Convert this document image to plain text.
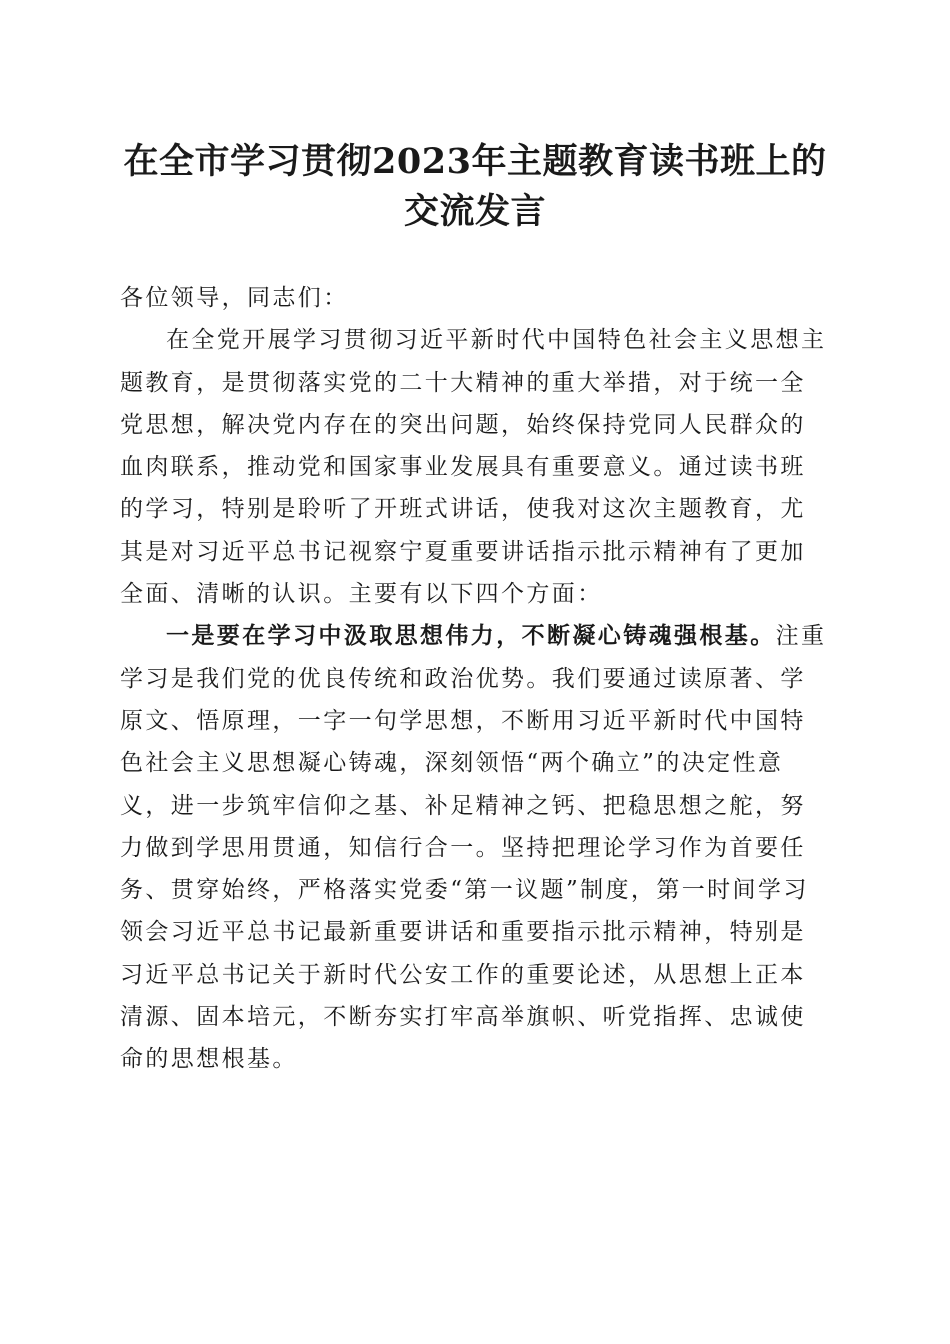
在全市学习贯彻2023年主题教育读书班上的
交流发言

各位领导，同志们：

在全党开展学习贯彻习近平新时代中国特色社会主义思想主题教育，是贯彻落实党的二十大精神的重大举措，对于统一全党思想，解决党内存在的突出问题，始终保持党同人民群众的血肉联系，推动党和国家事业发展具有重要意义。通过读书班的学习，特别是聆听了开班式讲话，使我对这次主题教育，尤其是对习近平总书记视察宁夏重要讲话指示批示精神有了更加全面、清晰的认识。主要有以下四个方面：

一是要在学习中汲取思想伟力，不断凝心铸魂强根基。注重学习是我们党的优良传统和政治优势。我们要通过读原著、学原文、悟原理，一字一句学思想，不断用习近平新时代中国特色社会主义思想凝心铸魂，深刻领悟“两个确立”的决定性意义，进一步筑牢信仰之基、补足精神之钙、把稳思想之舵，努力做到学思用贯通，知信行合一。坚持把理论学习作为首要任务、贯穿始终，严格落实党委“第一议题”制度，第一时间学习领会习近平总书记最新重要讲话和重要指示批示精神，特别是习近平总书记关于新时代公安工作的重要论述，从思想上正本清源、固本培元，不断夯实打牢高举旗帜、听党指挥、忠诚使命的思想根基。
